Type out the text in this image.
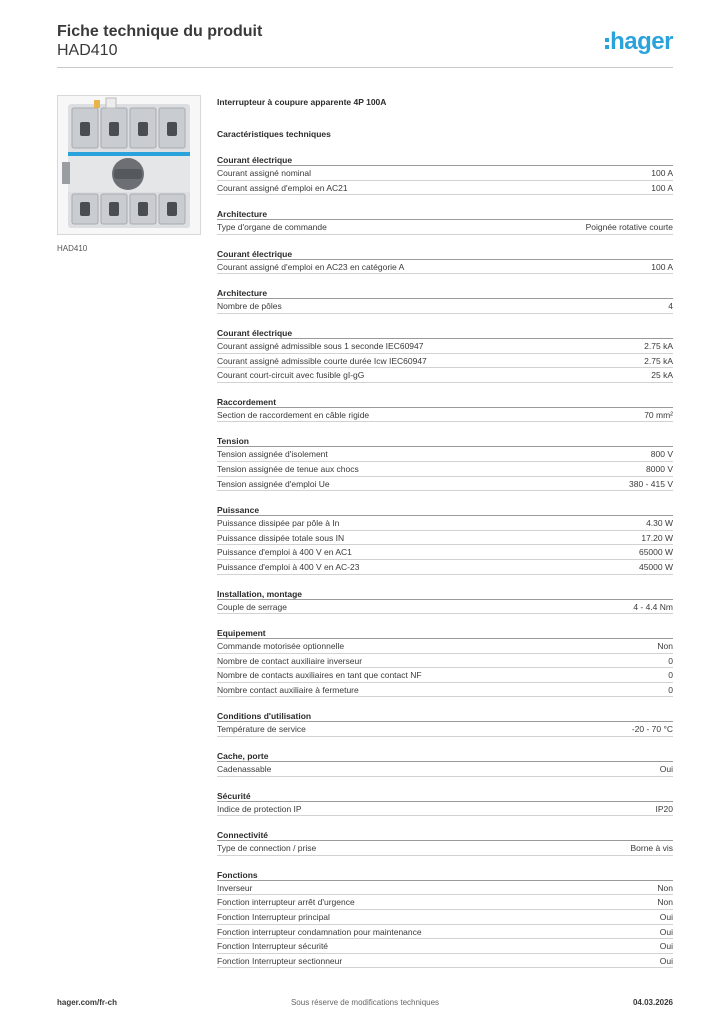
Fiche technique du produit
HAD410	hager
HAD410
Interrupteur à coupure apparente 4P 100A
Caractéristiques techniques
Courant électrique
Courant assigné nominal	100 A
Courant assigné d'emploi en AC21	100 A
Architecture
Type d'organe de commande	Poignée rotative courte
Courant électrique
Courant assigné d'emploi en AC23 en catégorie A	100 A
Architecture
Nombre de pôles	4
Courant électrique
Courant assigné admissible sous 1 seconde IEC60947	2.75 kA
Courant assigné admissible courte durée Icw IEC60947	2.75 kA
Courant court-circuit avec fusible gI-gG	25 kA
Raccordement
Section de raccordement en câble rigide	70 mm²
Tension
Tension assignée d'isolement	800 V
Tension assignée de tenue aux chocs	8000 V
Tension assignée d'emploi Ue	380 - 415 V
Puissance
Puissance dissipée par pôle à In	4.30 W
Puissance dissipée totale sous IN	17.20 W
Puissance d'emploi à 400 V en AC1	65000 W
Puissance d'emploi à 400 V en AC-23	45000 W
Installation, montage
Couple de serrage	4 - 4.4 Nm
Equipement
Commande motorisée optionnelle	Non
Nombre de contact auxiliaire inverseur	0
Nombre de contacts auxiliaires en tant que contact NF	0
Nombre contact auxiliaire à fermeture	0
Conditions d'utilisation
Température de service	-20 - 70 °C
Cache, porte
Cadenassable	Oui
Sécurité
Indice de protection IP	IP20
Connectivité
Type de connection / prise	Borne à vis
Fonctions
Inverseur	Non
Fonction interrupteur arrêt d'urgence	Non
Fonction Interrupteur principal	Oui
Fonction interrupteur condamnation pour maintenance	Oui
Fonction Interrupteur sécurité	Oui
Fonction Interrupteur sectionneur	Oui
hager.com/fr-ch	Sous réserve de modifications techniques	04.03.2026
